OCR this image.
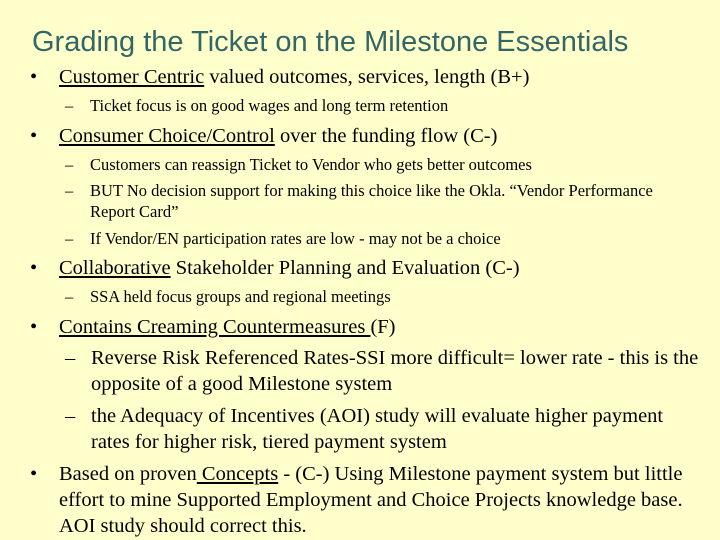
Grading the Ticket on the Milestone Essentials
• Customer Centric valued outcomes, services, length (B+)
– Ticket focus is on good wages and long term retention
• Consumer Choice/Control over the funding flow (C-)
– Customers can reassign Ticket to Vendor who gets better outcomes
– BUT No decision support for making this choice like the Okla. “Vendor Performance Report Card”
– If Vendor/EN participation rates are low - may not be a choice
• Collaborative Stakeholder Planning and Evaluation (C-)
– SSA held focus groups and regional meetings
• Contains Creaming Countermeasures (F)
– Reverse Risk Referenced Rates-SSI more difficult= lower rate - this is the opposite of a good Milestone system
– the Adequacy of Incentives (AOI) study will evaluate higher payment rates for higher risk, tiered payment system
• Based on proven Concepts - (C-) Using Milestone payment system but little effort to mine Supported Employment and Choice Projects knowledge base. AOI study should correct this.
